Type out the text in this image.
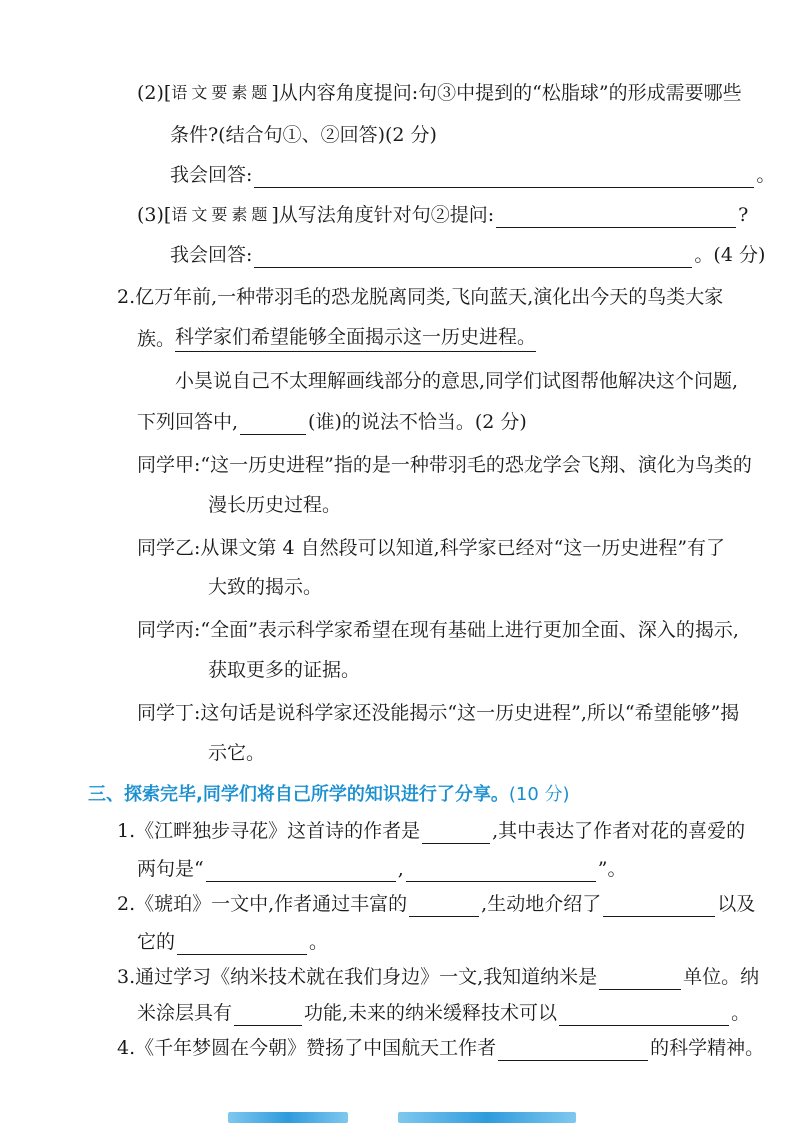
(2)[ 语文要素题 ]从内容角度提问:句③中提到的“松脂球”的形成需要哪些
条件?(结合句①、②回答)(2 分)
我会回答:	。
(3)[ 语文要素题 ]从写法角度针对句②提问:	?
我会回答:	。(4 分)
2.亿万年前,一种带羽毛的恐龙脱离同类,飞向蓝天,演化出今天的鸟类大家
族。 科学家们希望能够全面揭示这一历史进程。
小昊说自己不太理解画线部分的意思,同学们试图帮他解决这个问题,
下列回答中,	(谁)的说法不恰当。(2 分)
同学甲:“这一历史进程”指的是一种带羽毛的恐龙学会飞翔、演化为鸟类的
漫长历史过程。
同学乙:从课文第 4 自然段可以知道,科学家已经对“这一历史进程”有了
大致的揭示。
同学丙:“全面”表示科学家希望在现有基础上进行更加全面、深入的揭示,
获取更多的证据。
同学丁:这句话是说科学家还没能揭示“这一历史进程”,所以“希望能够”揭
示它。
三、探索完毕,同学们将自己所学的知识进行了分享。 (10 分)
1.《江畔独步寻花》这首诗的作者是	,其中表达了作者对花的喜爱的
两句是“	,	”。
2.《琥珀》一文中,作者通过丰富的	,生动地介绍了	以及
它的	。
3.通过学习《纳米技术就在我们身边》一文,我知道纳米是	单位。纳
米涂层具有	功能,未来的纳米缓释技术可以	。
4.《千年梦圆在今朝》赞扬了中国航天工作者	的科学精神。
